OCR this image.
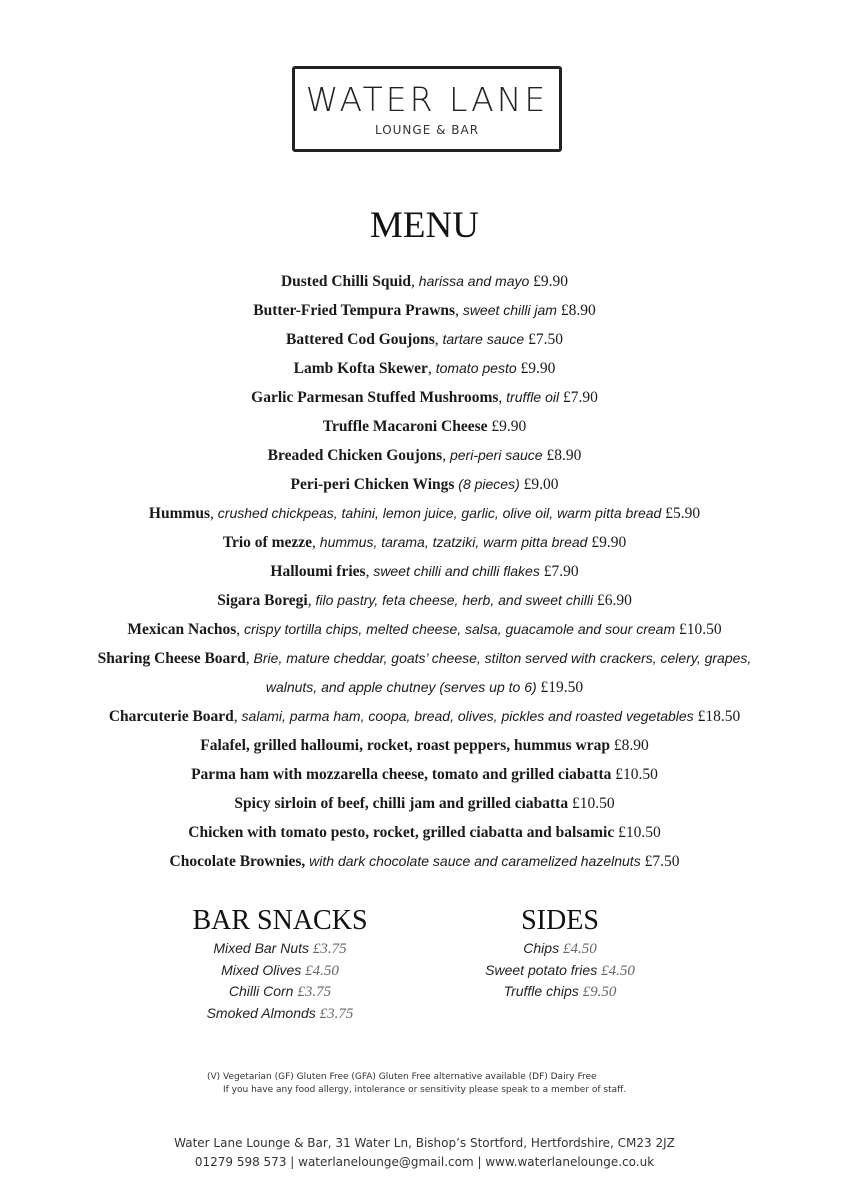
WATER LANE
LOUNGE & BAR
MENU
Dusted Chilli Squid, harissa and mayo £9.90
Butter-Fried Tempura Prawns, sweet chilli jam £8.90
Battered Cod Goujons, tartare sauce £7.50
Lamb Kofta Skewer, tomato pesto £9.90
Garlic Parmesan Stuffed Mushrooms, truffle oil £7.90
Truffle Macaroni Cheese £9.90
Breaded Chicken Goujons, peri-peri sauce £8.90
Peri-peri Chicken Wings (8 pieces) £9.00
Hummus, crushed chickpeas, tahini, lemon juice, garlic, olive oil, warm pitta bread £5.90
Trio of mezze, hummus, tarama, tzatziki, warm pitta bread £9.90
Halloumi fries, sweet chilli and chilli flakes £7.90
Sigara Boregi, filo pastry, feta cheese, herb, and sweet chilli £6.90
Mexican Nachos, crispy tortilla chips, melted cheese, salsa, guacamole and sour cream £10.50
Sharing Cheese Board, Brie, mature cheddar, goats’ cheese, stilton served with crackers, celery, grapes,
walnuts, and apple chutney (serves up to 6) £19.50
Charcuterie Board, salami, parma ham, coopa, bread, olives, pickles and roasted vegetables £18.50
Falafel, grilled halloumi, rocket, roast peppers, hummus wrap £8.90
Parma ham with mozzarella cheese, tomato and grilled ciabatta £10.50
Spicy sirloin of beef, chilli jam and grilled ciabatta £10.50
Chicken with tomato pesto, rocket, grilled ciabatta and balsamic £10.50
Chocolate Brownies, with dark chocolate sauce and caramelized hazelnuts £7.50
BAR SNACKS
Mixed Bar Nuts £3.75
Mixed Olives £4.50
Chilli Corn £3.75
Smoked Almonds £3.75
SIDES
Chips £4.50
Sweet potato fries £4.50
Truffle chips £9.50
(V) Vegetarian (GF) Gluten Free (GFA) Gluten Free alternative available (DF) Dairy Free
If you have any food allergy, intolerance or sensitivity please speak to a member of staff.
Water Lane Lounge & Bar, 31 Water Ln, Bishop’s Stortford, Hertfordshire, CM23 2JZ
01279 598 573 | waterlanelounge@gmail.com | www.waterlanelounge.co.uk
